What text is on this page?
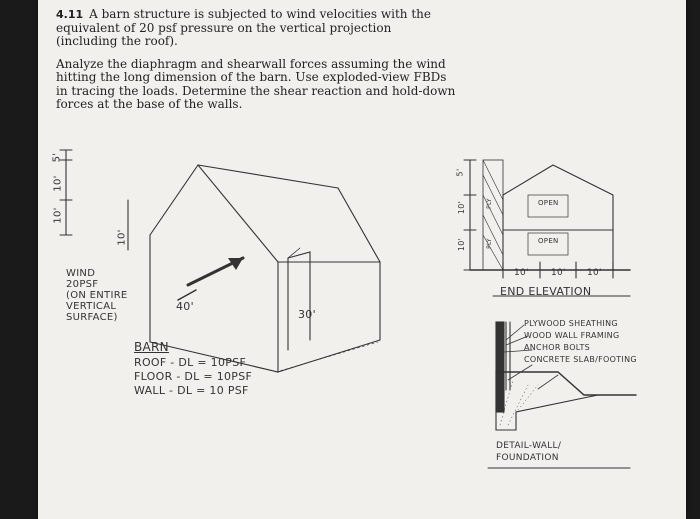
4.11 A barn structure is subjected to wind velocities with the equivalent of 20 psf pressure on the vertical projection (including the roof).

Analyze the diaphragm and shearwall forces assuming the wind hitting the long dimension of the barn. Use exploded-view FBDs in tracing the loads. Determine the shear reaction and hold-down forces at the base of the walls.

5'
10'
10'
10'
40'
30'
WIND
20PSF
(ON ENTIRE
VERTICAL
SURFACE)
BARN
ROOF - DL = 10PSF
FLOOR - DL = 10PSF
WALL - DL = 10 PSF
5'
10'
10'
PLY
PLY
OPEN
OPEN
10' 10' 10'
END ELEVATION
PLYWOOD SHEATHING
WOOD WALL FRAMING
ANCHOR BOLTS
CONCRETE SLAB/FOOTING
DETAIL-WALL/
FOUNDATION
